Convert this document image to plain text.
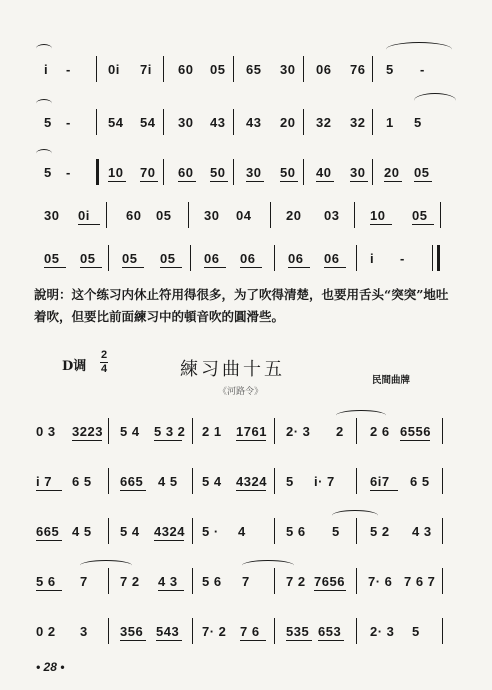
i -	0i 7i 60 05 65 30 06 76 5 -
5 -	54 54 30 43 43 20 32 32 1 5
5 -	10 70 60 50 30 50 40 30 20 05
30 0i	60 05	30 04	20 03 10 05
05 05 05 05 06 06	06 06 i -
說明：这个练习内休止符用得很多，为了吹得清楚，也要用舌头“突突”地吐着吹，但要比前面練习中的頓音吹的圓滑些。
D调
2
4	練习曲十五
民間曲牌
《河路令》
0 3 3223 5 4 5 3 2 2 1 1761 2· 3 2 2 6 6556
i 7 6 5 665 4 5 5 4 4324 5 i· 7	6i7 6 5
665 4 5 5 4 4324 5 · 4	5 6 5 5 2 4 3
5 6 7 7 2 4 3 5 6 7	7 2 7656 7· 6 7 6 7
0 2 3 356 543 7· 2 7 6 535 653 2· 3 5
• 28 •
